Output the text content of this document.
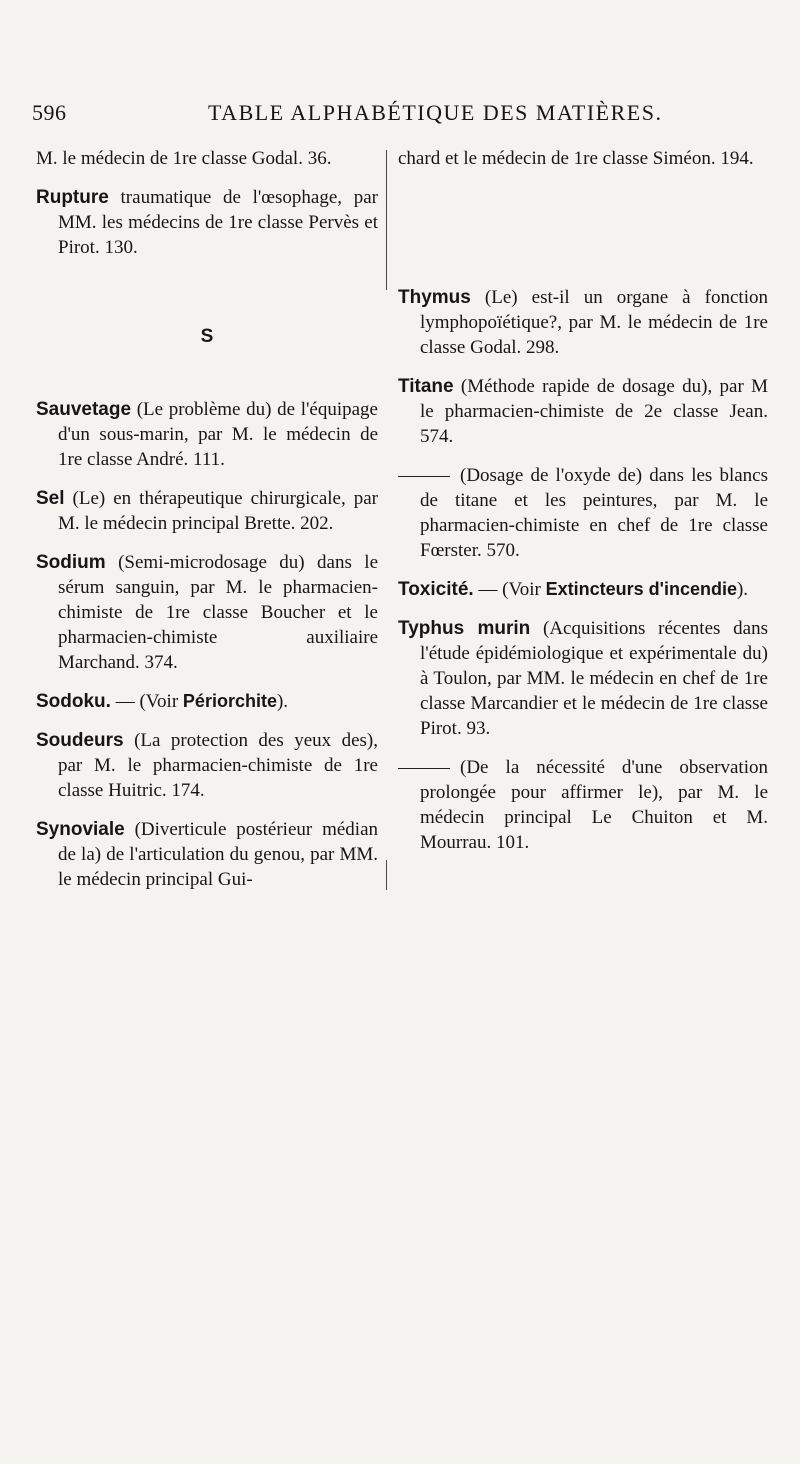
596	TABLE ALPHABÉTIQUE DES MATIÈRES.

M. le médecin de 1re classe Godal. 36.

Rupture traumatique de l'œsophage, par MM. les médecins de 1re classe Pervès et Pirot. 130.

S

Sauvetage (Le problème du) de l'équipage d'un sous-marin, par M. le médecin de 1re classe André. 111.

Sel (Le) en thérapeutique chirurgicale, par M. le médecin principal Brette. 202.

Sodium (Semi-microdosage du) dans le sérum sanguin, par M. le pharmacien-chimiste de 1re classe Boucher et le pharmacien-chimiste auxiliaire Marchand. 374.

Sodoku. — (Voir Périorchite).

Soudeurs (La protection des yeux des), par M. le pharmacien-chimiste de 1re classe Huitric. 174.

Synoviale (Diverticule postérieur médian de la) de l'articulation du genou, par MM. le médecin principal Gui-

chard et le médecin de 1re classe Siméon. 194.

Thymus (Le) est-il un organe à fonction lymphopoïétique?, par M. le médecin de 1re classe Godal. 298.

Titane (Méthode rapide de dosage du), par M le pharmacien-chimiste de 2e classe Jean. 574.

(Dosage de l'oxyde de) dans les blancs de titane et les peintures, par M. le pharmacien-chimiste en chef de 1re classe Fœrster. 570.

Toxicité. — (Voir Extincteurs d'incendie).

Typhus murin (Acquisitions récentes dans l'étude épidémiologique et expérimentale du) à Toulon, par MM. le médecin en chef de 1re classe Marcandier et le médecin de 1re classe Pirot. 93.

(De la nécessité d'une observation prolongée pour affirmer le), par M. le médecin principal Le Chuiton et M. Mourrau. 101.
